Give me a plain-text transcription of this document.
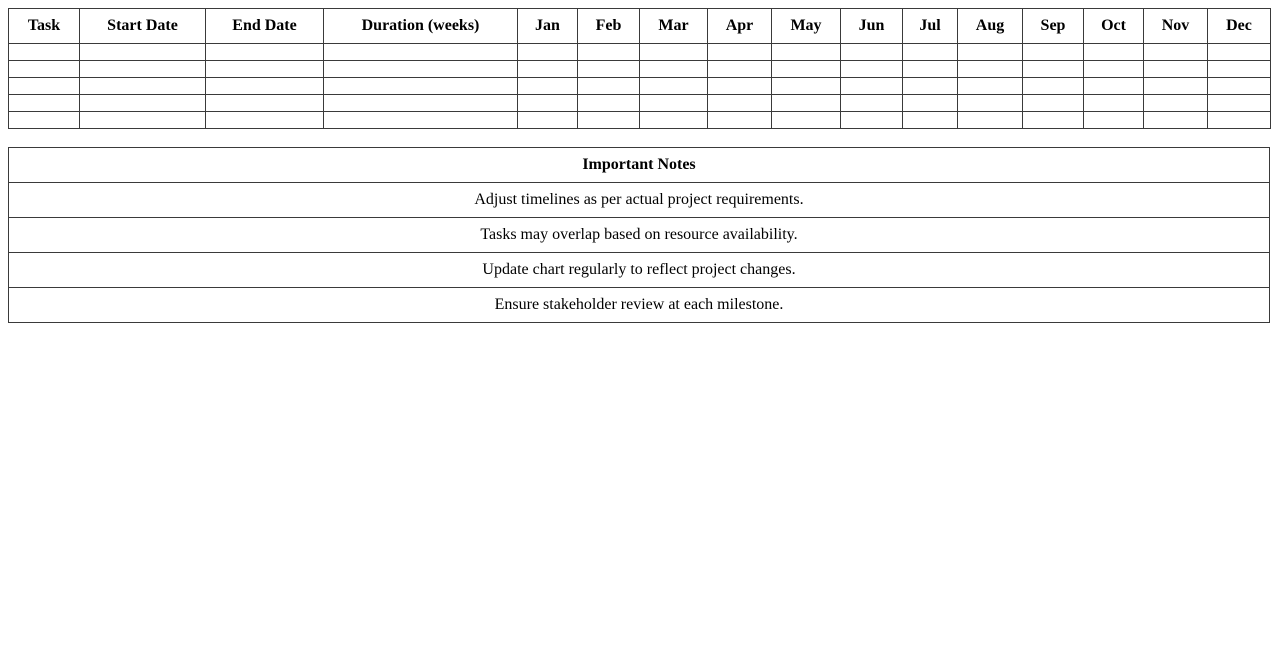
Task	Start Date	End Date	Duration (weeks)	Jan	Feb	Mar	Apr	May	Jun	Jul	Aug	Sep	Oct	Nov	Dec

Important Notes
Adjust timelines as per actual project requirements.
Tasks may overlap based on resource availability.
Update chart regularly to reflect project changes.
Ensure stakeholder review at each milestone.
